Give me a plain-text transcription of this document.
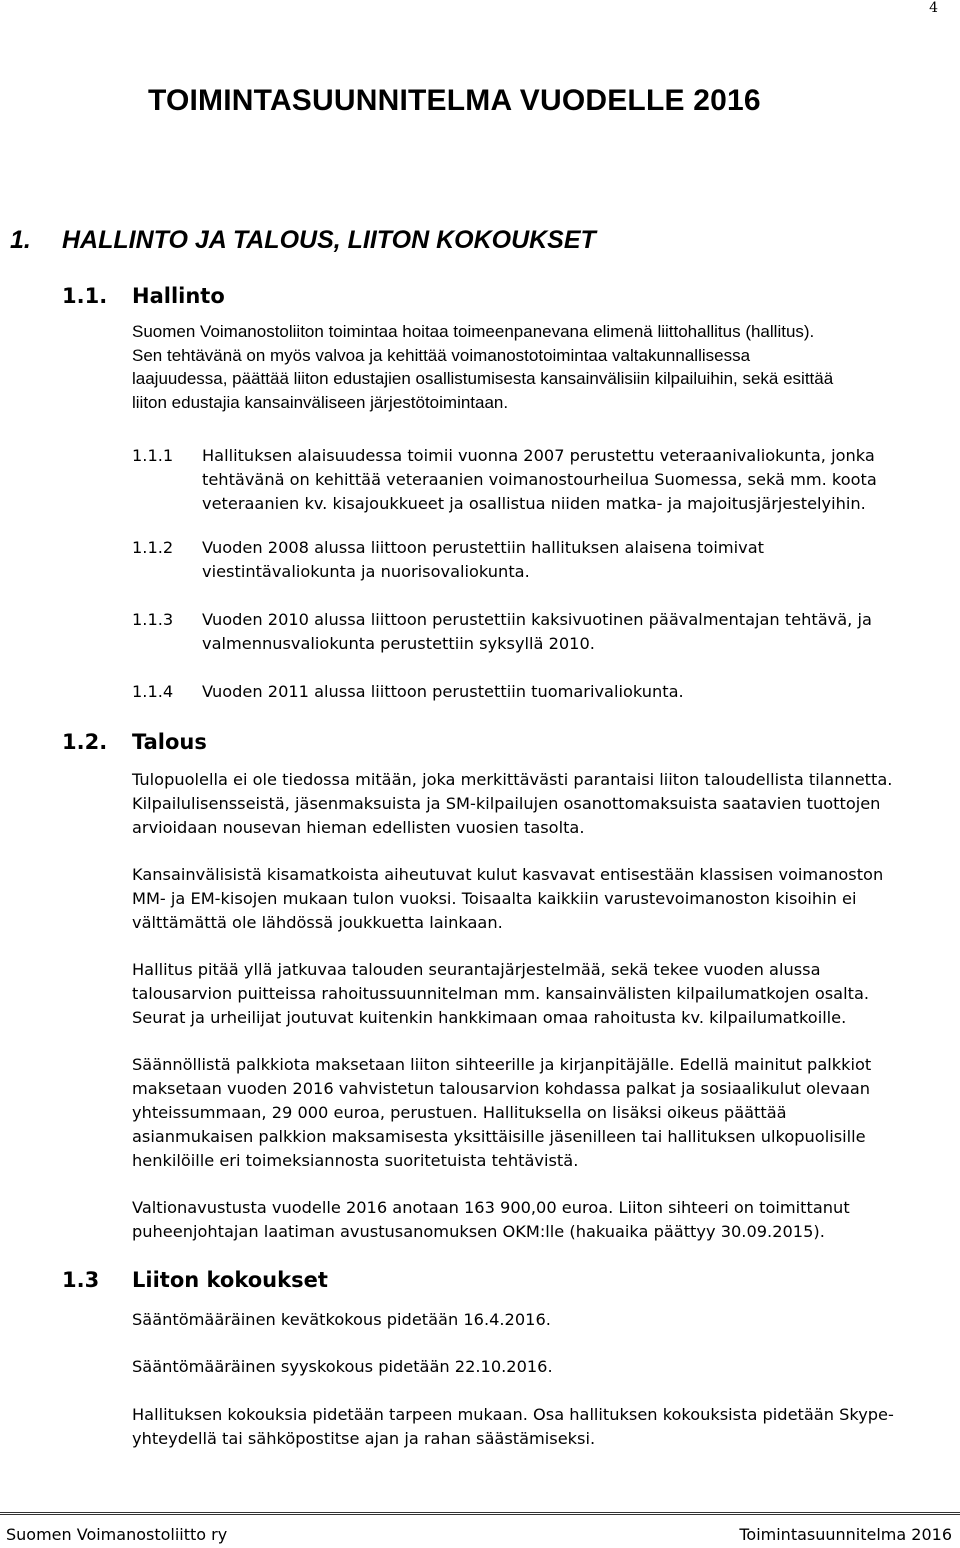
4
TOIMINTASUUNNITELMA VUODELLE 2016
1. HALLINTO JA TALOUS, LIITON KOKOUKSET
1.1. Hallinto
Suomen Voimanostoliiton toimintaa hoitaa toimeenpanevana elimenä liittohallitus (hallitus).
Sen tehtävänä on myös valvoa ja kehittää voimanostotoimintaa valtakunnallisessa
laajuudessa, päättää liiton edustajien osallistumisesta kansainvälisiin kilpailuihin, sekä esittää
liiton edustajia kansainväliseen järjestötoimintaan.
1.1.1 Hallituksen alaisuudessa toimii vuonna 2007 perustettu veteraanivaliokunta, jonka
tehtävänä on kehittää veteraanien voimanostourheilua Suomessa, sekä mm. koota
veteraanien kv. kisajoukkueet ja osallistua niiden matka- ja majoitusjärjestelyihin.
1.1.2 Vuoden 2008 alussa liittoon perustettiin hallituksen alaisena toimivat
viestintävaliokunta ja nuorisovaliokunta.
1.1.3 Vuoden 2010 alussa liittoon perustettiin kaksivuotinen päävalmentajan tehtävä, ja
valmennusvaliokunta perustettiin syksyllä 2010.
1.1.4 Vuoden 2011 alussa liittoon perustettiin tuomarivaliokunta.
1.2. Talous
Tulopuolella ei ole tiedossa mitään, joka merkittävästi parantaisi liiton taloudellista tilannetta.
Kilpailulisensseistä, jäsenmaksuista ja SM-kilpailujen osanottomaksuista saatavien tuottojen
arvioidaan nousevan hieman edellisten vuosien tasolta.
Kansainvälisistä kisamatkoista aiheutuvat kulut kasvavat entisestään klassisen voimanoston
MM- ja EM-kisojen mukaan tulon vuoksi. Toisaalta kaikkiin varustevoimanoston kisoihin ei
välttämättä ole lähdössä joukkuetta lainkaan.
Hallitus pitää yllä jatkuvaa talouden seurantajärjestelmää, sekä tekee vuoden alussa
talousarvion puitteissa rahoitussuunnitelman mm. kansainvälisten kilpailumatkojen osalta.
Seurat ja urheilijat joutuvat kuitenkin hankkimaan omaa rahoitusta kv. kilpailumatkoille.
Säännöllistä palkkiota maksetaan liiton sihteerille ja kirjanpitäjälle. Edellä mainitut palkkiot
maksetaan vuoden 2016 vahvistetun talousarvion kohdassa palkat ja sosiaalikulut olevaan
yhteissummaan, 29 000 euroa, perustuen. Hallituksella on lisäksi oikeus päättää
asianmukaisen palkkion maksamisesta yksittäisille jäsenilleen tai hallituksen ulkopuolisille
henkilöille eri toimeksiannosta suoritetuista tehtävistä.
Valtionavustusta vuodelle 2016 anotaan 163 900,00 euroa. Liiton sihteeri on toimittanut
puheenjohtajan laatiman avustusanomuksen OKM:lle (hakuaika päättyy 30.09.2015).
1.3 Liiton kokoukset
Sääntömääräinen kevätkokous pidetään 16.4.2016.
Sääntömääräinen syyskokous pidetään 22.10.2016.
Hallituksen kokouksia pidetään tarpeen mukaan. Osa hallituksen kokouksista pidetään Skype-
yhteydellä tai sähköpostitse ajan ja rahan säästämiseksi.
Suomen Voimanostoliitto ry	Toimintasuunnitelma 2016
